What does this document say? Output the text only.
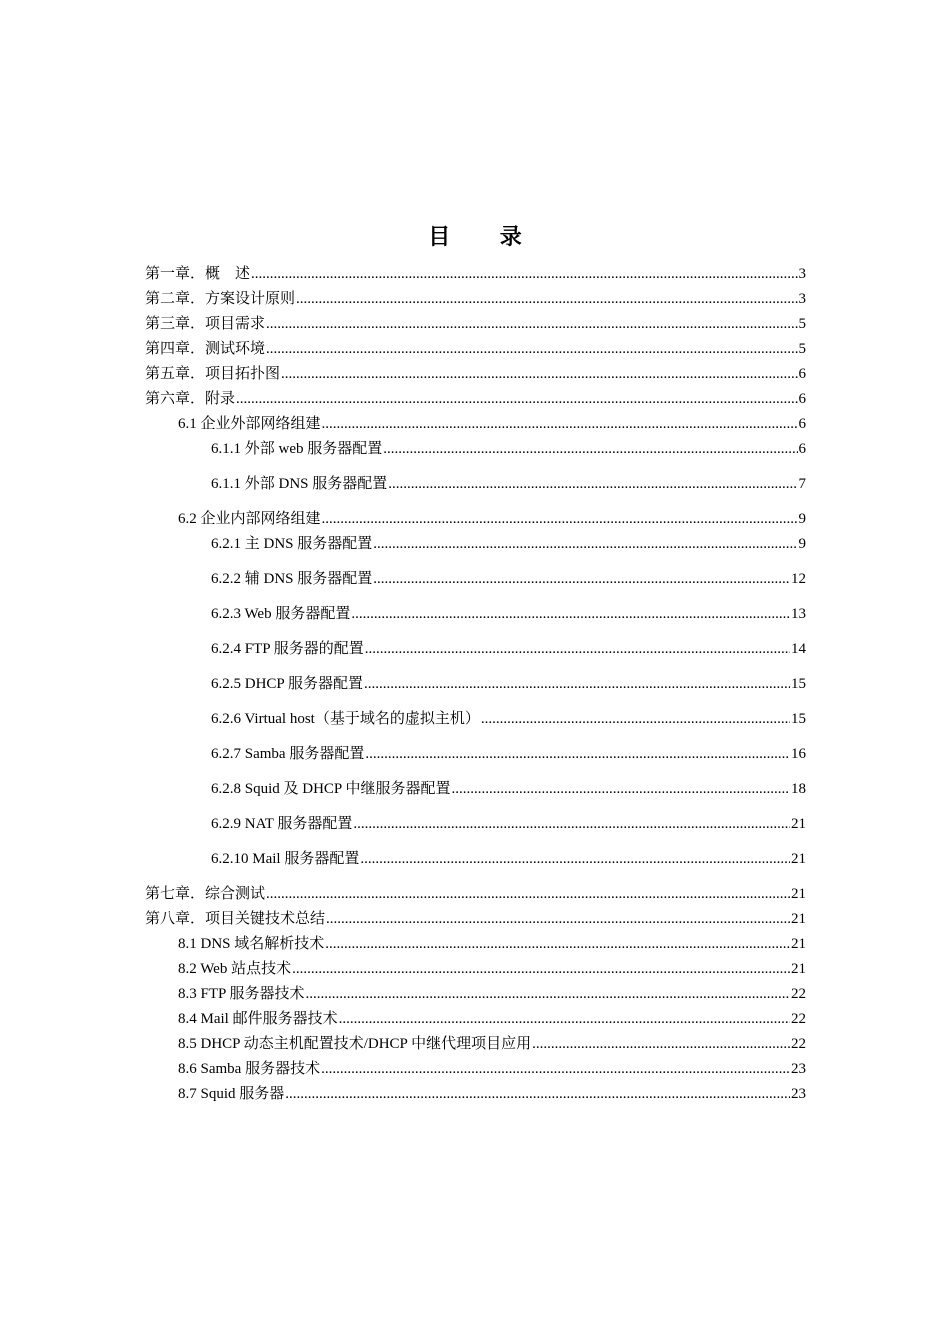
目 录
第一章．概　述 .....	3
第二章．方案设计原则 .....	3
第三章．项目需求 .....	5
第四章．测试环境 .....	5
第五章．项目拓扑图 .....	6
第六章．附录 .....	6
6.1 企业外部网络组建 .....	6
6.1.1 外部 web 服务器配置 .....	6
6.1.1 外部 DNS 服务器配置 .....	7
6.2 企业内部网络组建 .....	9
6.2.1 主 DNS 服务器配置 .....	9
6.2.2 辅 DNS 服务器配置 .....	12
6.2.3 Web 服务器配置 .....	13
6.2.4 FTP 服务器的配置 .....	14
6.2.5 DHCP 服务器配置 .....	15
6.2.6 Virtual host（基于域名的虚拟主机） .....	15
6.2.7 Samba 服务器配置 .....	16
6.2.8 Squid 及 DHCP 中继服务器配置 .....	18
6.2.9 NAT 服务器配置 .....	21
6.2.10 Mail 服务器配置 .....	21
第七章．综合测试 .....	21
第八章．项目关键技术总结 .....	21
8.1 DNS 域名解析技术 .....	21
8.2 Web 站点技术 .....	21
8.3 FTP 服务器技术 .....	22
8.4 Mail 邮件服务器技术 .....	22
8.5 DHCP 动态主机配置技术/DHCP 中继代理项目应用 .....	22
8.6 Samba 服务器技术 .....	23
8.7 Squid 服务器 .....	23
